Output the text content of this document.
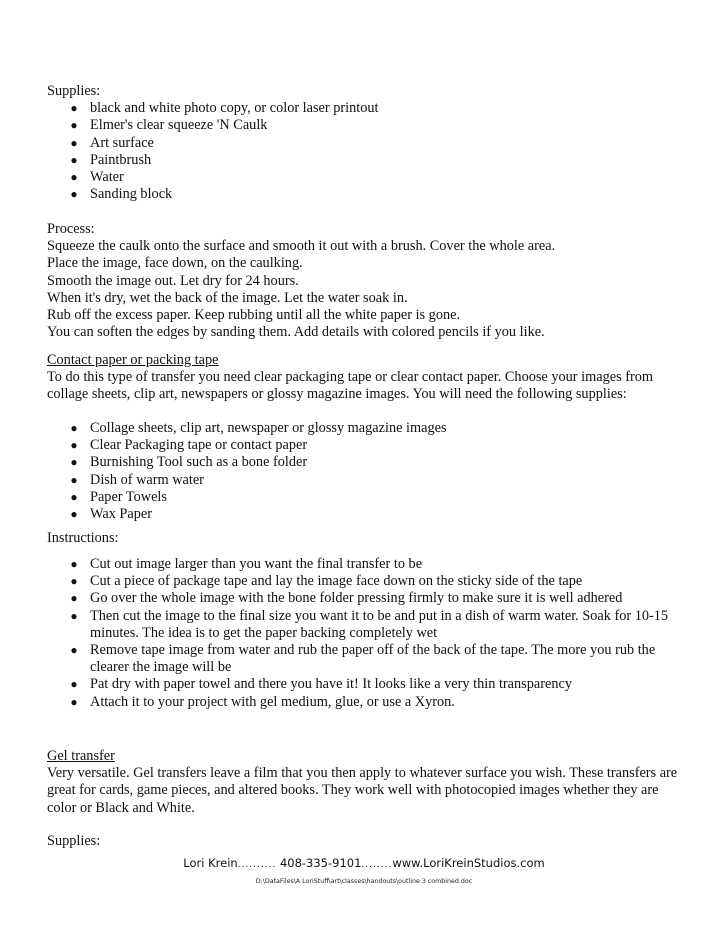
Supplies:
● black and white photo copy, or color laser printout
● Elmer's clear squeeze 'N Caulk
● Art surface
● Paintbrush
● Water
● Sanding block
Process:
Squeeze the caulk onto the surface and smooth it out with a brush. Cover the whole area.
Place the image, face down, on the caulking.
Smooth the image out. Let dry for 24 hours.
When it's dry, wet the back of the image. Let the water soak in.
Rub off the excess paper. Keep rubbing until all the white paper is gone.
You can soften the edges by sanding them. Add details with colored pencils if you like.
Contact paper or packing tape
To do this type of transfer you need clear packaging tape or clear contact paper. Choose your images from
collage sheets, clip art, newspapers or glossy magazine images. You will need the following supplies:
● Collage sheets, clip art, newspaper or glossy magazine images
● Clear Packaging tape or contact paper
● Burnishing Tool such as a bone folder
● Dish of warm water
● Paper Towels
● Wax Paper
Instructions:
● Cut out image larger than you want the final transfer to be
● Cut a piece of package tape and lay the image face down on the sticky side of the tape
● Go over the whole image with the bone folder pressing firmly to make sure it is well adhered
● Then cut the image to the final size you want it to be and put in a dish of warm water. Soak for 10-15
minutes. The idea is to get the paper backing completely wet
● Remove tape image from water and rub the paper off of the back of the tape. The more you rub the
clearer the image will be
● Pat dry with paper towel and there you have it! It looks like a very thin transparency
● Attach it to your project with gel medium, glue, or use a Xyron.
Gel transfer
Very versatile. Gel transfers leave a film that you then apply to whatever surface you wish. These transfers are
great for cards, game pieces, and altered books. They work well with photocopied images whether they are
color or Black and White.
Supplies:
Lori Krein.......... 408-335-9101........www.LoriKreinStudios.com
D:\DataFiles\A LoriStuff\art\classes\handouts\outline 3 combined.doc
